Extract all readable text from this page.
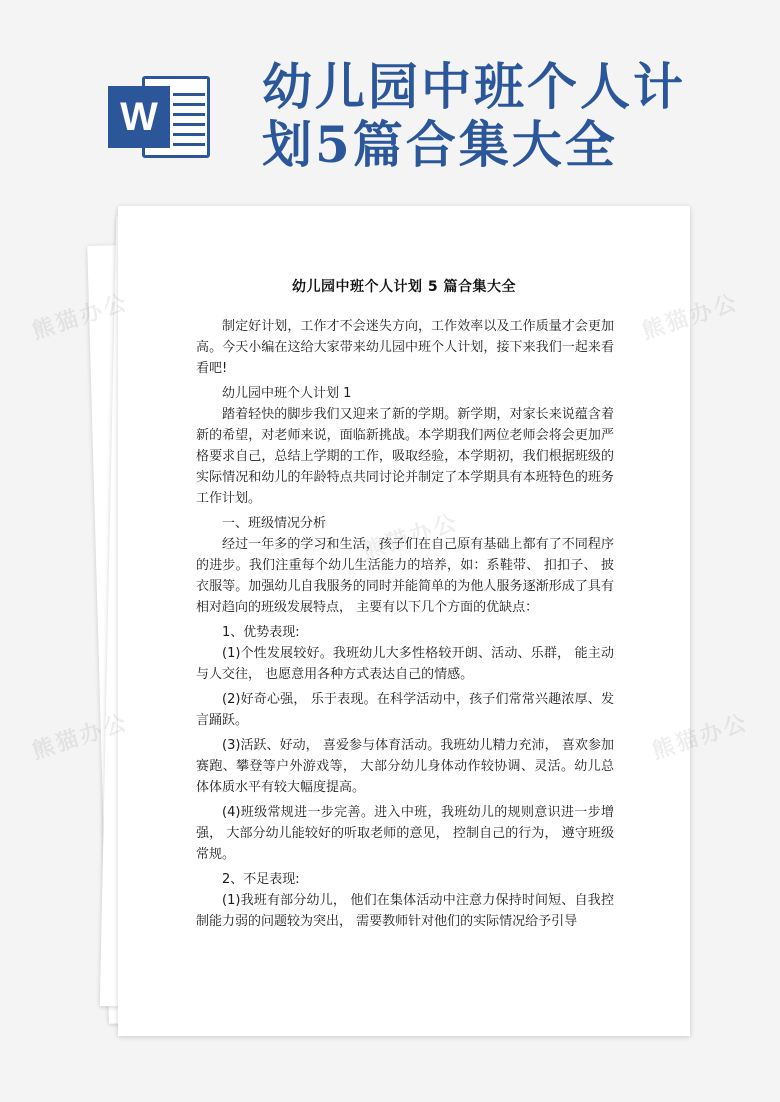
W
幼儿园中班个人计
划5篇合集大全
幼儿园中班个人计划 5 篇合集大全

制定好计划，工作才不会迷失方向，工作效率以及工作质量才会更加高。今天小编在这给大家带来幼儿园中班个人计划，接下来我们一起来看看吧!

幼儿园中班个人计划 1

踏着轻快的脚步我们又迎来了新的学期。新学期，对家长来说蕴含着新的希望，对老师来说，面临新挑战。本学期我们两位老师会将会更加严格要求自己，总结上学期的工作，吸取经验，本学期初，我们根据班级的实际情况和幼儿的年龄特点共同讨论并制定了本学期具有本班特色的班务工作计划。

一、班级情况分析

经过一年多的学习和生活，孩子们在自己原有基础上都有了不同程序的进步。我们注重每个幼儿生活能力的培养，如：系鞋带、 扣扣子、 披衣服等。加强幼儿自我服务的同时并能简单的为他人服务逐渐形成了具有相对趋向的班级发展特点， 主要有以下几个方面的优缺点：

1、优势表现:

(1)个性发展较好。我班幼儿大多性格较开朗、活动、乐群， 能主动与人交往， 也愿意用各种方式表达自己的情感。

(2)好奇心强， 乐于表现。在科学活动中，孩子们常常兴趣浓厚、发言踊跃。

(3)活跃、好动， 喜爱参与体育活动。我班幼儿精力充沛， 喜欢参加赛跑、攀登等户外游戏等， 大部分幼儿身体动作较协调、灵活。幼儿总体体质水平有较大幅度提高。

(4)班级常规进一步完善。进入中班，我班幼儿的规则意识进一步增强， 大部分幼儿能较好的听取老师的意见， 控制自己的行为， 遵守班级常规。

2、不足表现:

(1)我班有部分幼儿， 他们在集体活动中注意力保持时间短、自我控制能力弱的问题较为突出， 需要教师针对他们的实际情况给予引导

熊猫办公	熊猫办公
熊猫办公	熊猫办公
